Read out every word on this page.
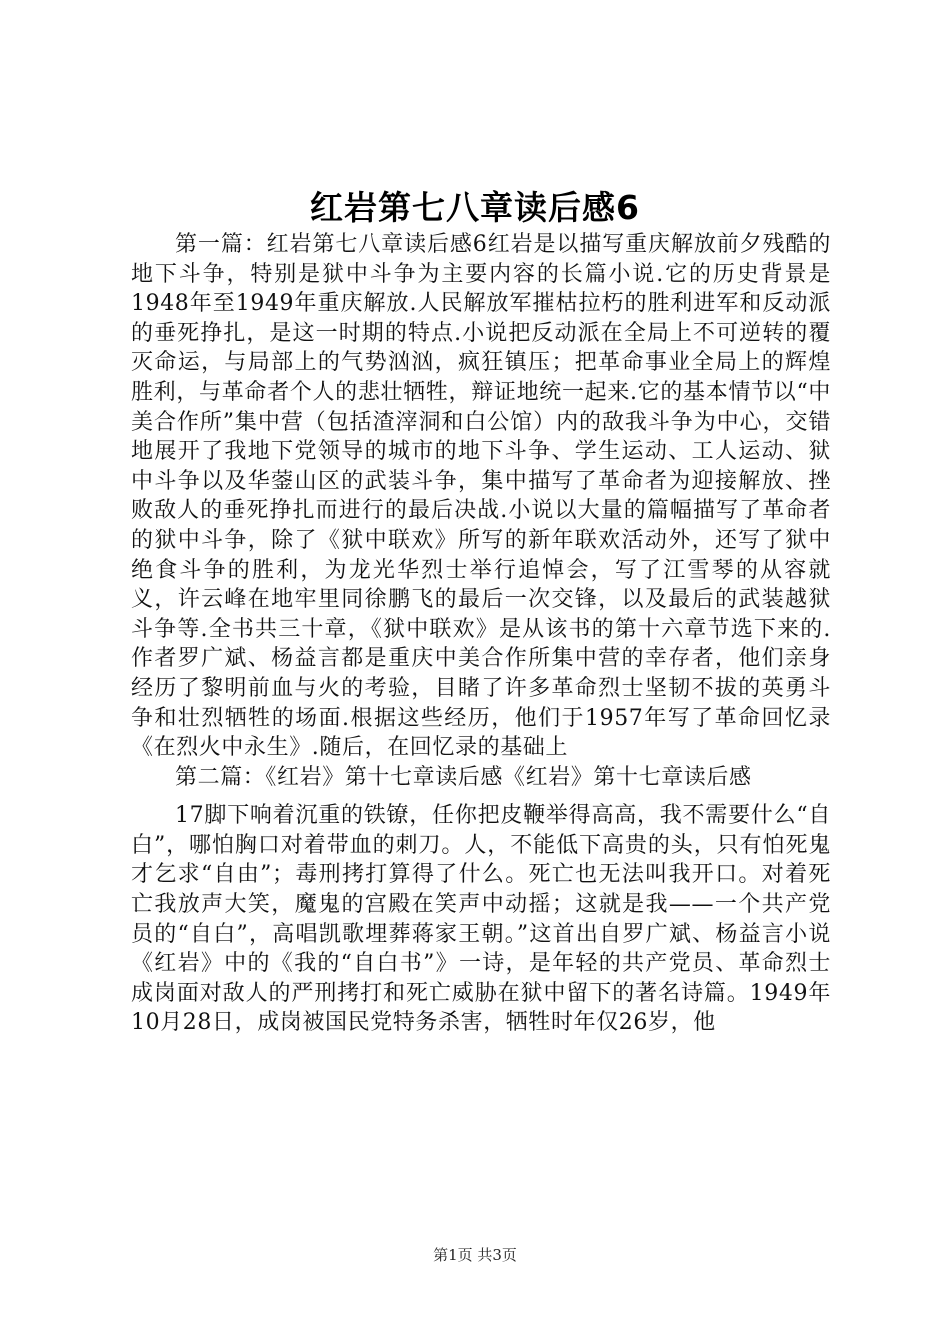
红岩第七八章读后感6

第一篇：红岩第七八章读后感6红岩是以描写重庆解放前夕残酷的地下斗争，特别是狱中斗争为主要内容的长篇小说.它的历史背景是1948年至1949年重庆解放.人民解放军摧枯拉朽的胜利进军和反动派的垂死挣扎，是这一时期的特点.小说把反动派在全局上不可逆转的覆灭命运，与局部上的气势汹汹，疯狂镇压；把革命事业全局上的辉煌胜利，与革命者个人的悲壮牺牲，辩证地统一起来.它的基本情节以“中美合作所”集中营（包括渣滓洞和白公馆）内的敌我斗争为中心，交错地展开了我地下党领导的城市的地下斗争、学生运动、工人运动、狱中斗争以及华蓥山区的武装斗争，集中描写了革命者为迎接解放、挫败敌人的垂死挣扎而进行的最后决战.小说以大量的篇幅描写了革命者的狱中斗争，除了《狱中联欢》所写的新年联欢活动外，还写了狱中绝食斗争的胜利，为龙光华烈士举行追悼会，写了江雪琴的从容就义，许云峰在地牢里同徐鹏飞的最后一次交锋，以及最后的武装越狱斗争等.全书共三十章，《狱中联欢》是从该书的第十六章节选下来的.作者罗广斌、杨益言都是重庆中美合作所集中营的幸存者，他们亲身经历了黎明前血与火的考验，目睹了许多革命烈士坚韧不拔的英勇斗争和壮烈牺牲的场面.根据这些经历，他们于1957年写了革命回忆录《在烈火中永生》.随后，在回忆录的基础上

第二篇：《红岩》第十七章读后感《红岩》第十七章读后感

17脚下响着沉重的铁镣，任你把皮鞭举得高高，我不需要什么“自白”，哪怕胸口对着带血的刺刀。人，不能低下高贵的头，只有怕死鬼才乞求“自由”；毒刑拷打算得了什么。死亡也无法叫我开口。对着死亡我放声大笑，魔鬼的宫殿在笑声中动摇；这就是我——一个共产党员的“自白”，高唱凯歌埋葬蒋家王朝。”这首出自罗广斌、杨益言小说《红岩》中的《我的“自白书”》一诗，是年轻的共产党员、革命烈士成岗面对敌人的严刑拷打和死亡威胁在狱中留下的著名诗篇。1949年10月28日，成岗被国民党特务杀害，牺牲时年仅26岁，他

第1页 共3页
